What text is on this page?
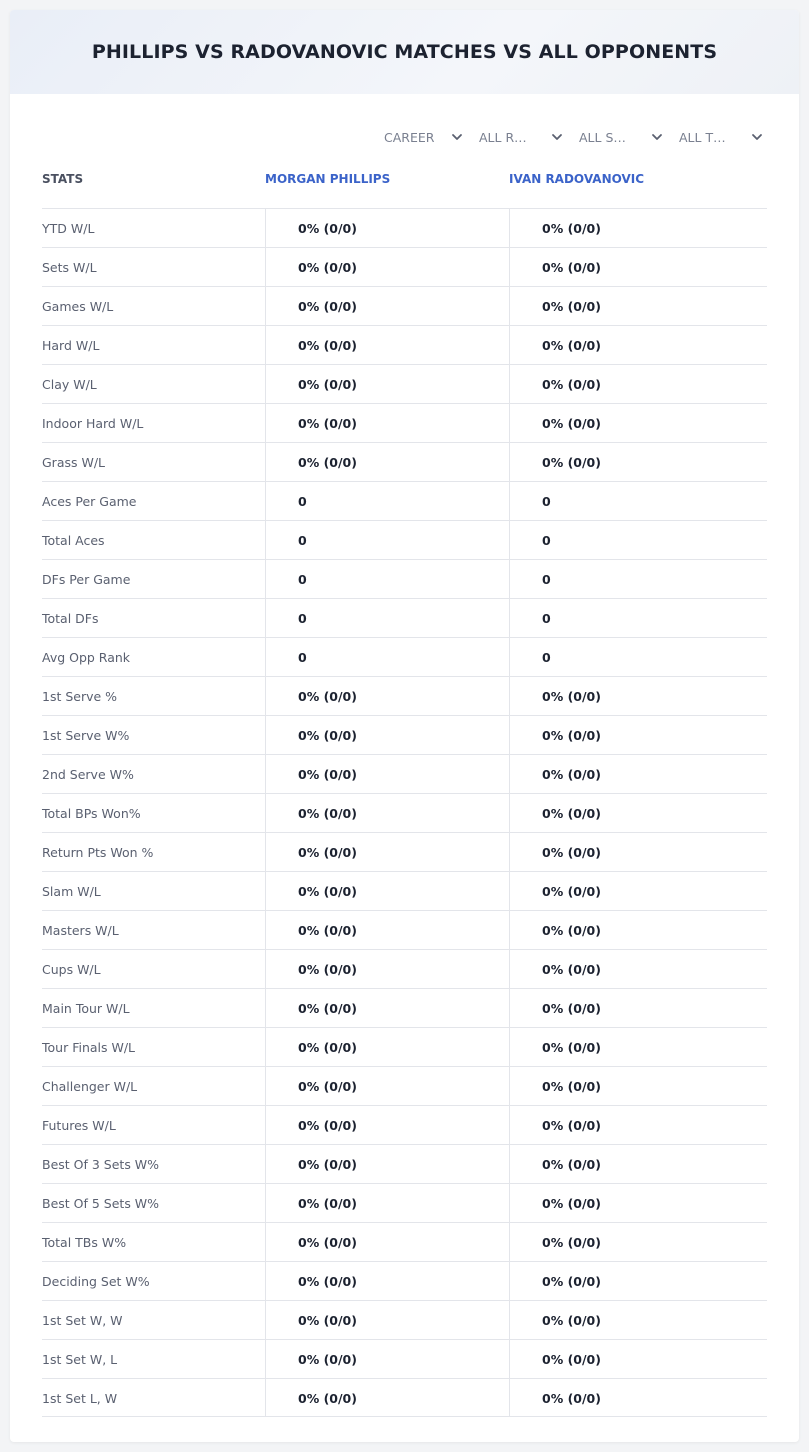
PHILLIPS VS RADOVANOVIC MATCHES VS ALL OPPONENTS
CAREER	ALL R…	ALL S…	ALL T…
STATS	MORGAN PHILLIPS	IVAN RADOVANOVIC
YTD W/L	0% (0/0)	0% (0/0)
Sets W/L	0% (0/0)	0% (0/0)
Games W/L	0% (0/0)	0% (0/0)
Hard W/L	0% (0/0)	0% (0/0)
Clay W/L	0% (0/0)	0% (0/0)
Indoor Hard W/L	0% (0/0)	0% (0/0)
Grass W/L	0% (0/0)	0% (0/0)
Aces Per Game	0	0
Total Aces	0	0
DFs Per Game	0	0
Total DFs	0	0
Avg Opp Rank	0	0
1st Serve %	0% (0/0)	0% (0/0)
1st Serve W%	0% (0/0)	0% (0/0)
2nd Serve W%	0% (0/0)	0% (0/0)
Total BPs Won%	0% (0/0)	0% (0/0)
Return Pts Won %	0% (0/0)	0% (0/0)
Slam W/L	0% (0/0)	0% (0/0)
Masters W/L	0% (0/0)	0% (0/0)
Cups W/L	0% (0/0)	0% (0/0)
Main Tour W/L	0% (0/0)	0% (0/0)
Tour Finals W/L	0% (0/0)	0% (0/0)
Challenger W/L	0% (0/0)	0% (0/0)
Futures W/L	0% (0/0)	0% (0/0)
Best Of 3 Sets W%	0% (0/0)	0% (0/0)
Best Of 5 Sets W%	0% (0/0)	0% (0/0)
Total TBs W%	0% (0/0)	0% (0/0)
Deciding Set W%	0% (0/0)	0% (0/0)
1st Set W, W	0% (0/0)	0% (0/0)
1st Set W, L	0% (0/0)	0% (0/0)
1st Set L, W	0% (0/0)	0% (0/0)
